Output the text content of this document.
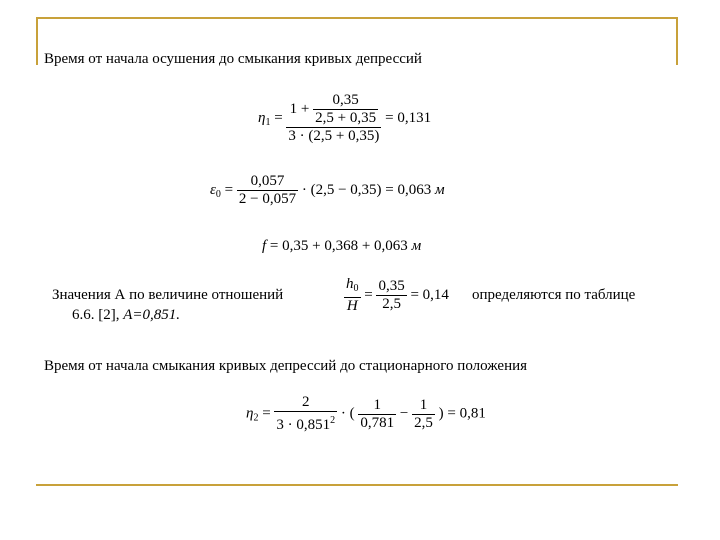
Время от начала осушения до смыкания кривых депрессий
$\eta_1 = \frac{1 + \frac{0,35}{2,5 + 0,35}}{3 \cdot (2,5 + 0,35)} = 0,131$
$\varepsilon_0 = \frac{0,057}{2 - 0,057} \cdot (2,5 - 0,35) = 0,063$ м
f = 0,35 + 0,368 + 0,063 м
Значения А по величине отношений	$\frac{h_0}{H} = \frac{0,35}{2,5} = 0,14$ определяются по таблице
6.6. [2], A=0,851.
Время от начала смыкания кривых депрессий до стационарного положения
$\eta_2 = \frac{2}{3 \cdot 0,851^2}$ · ( $\frac{1}{0,781} - \frac{1}{2,5}$ ) = 0,81
